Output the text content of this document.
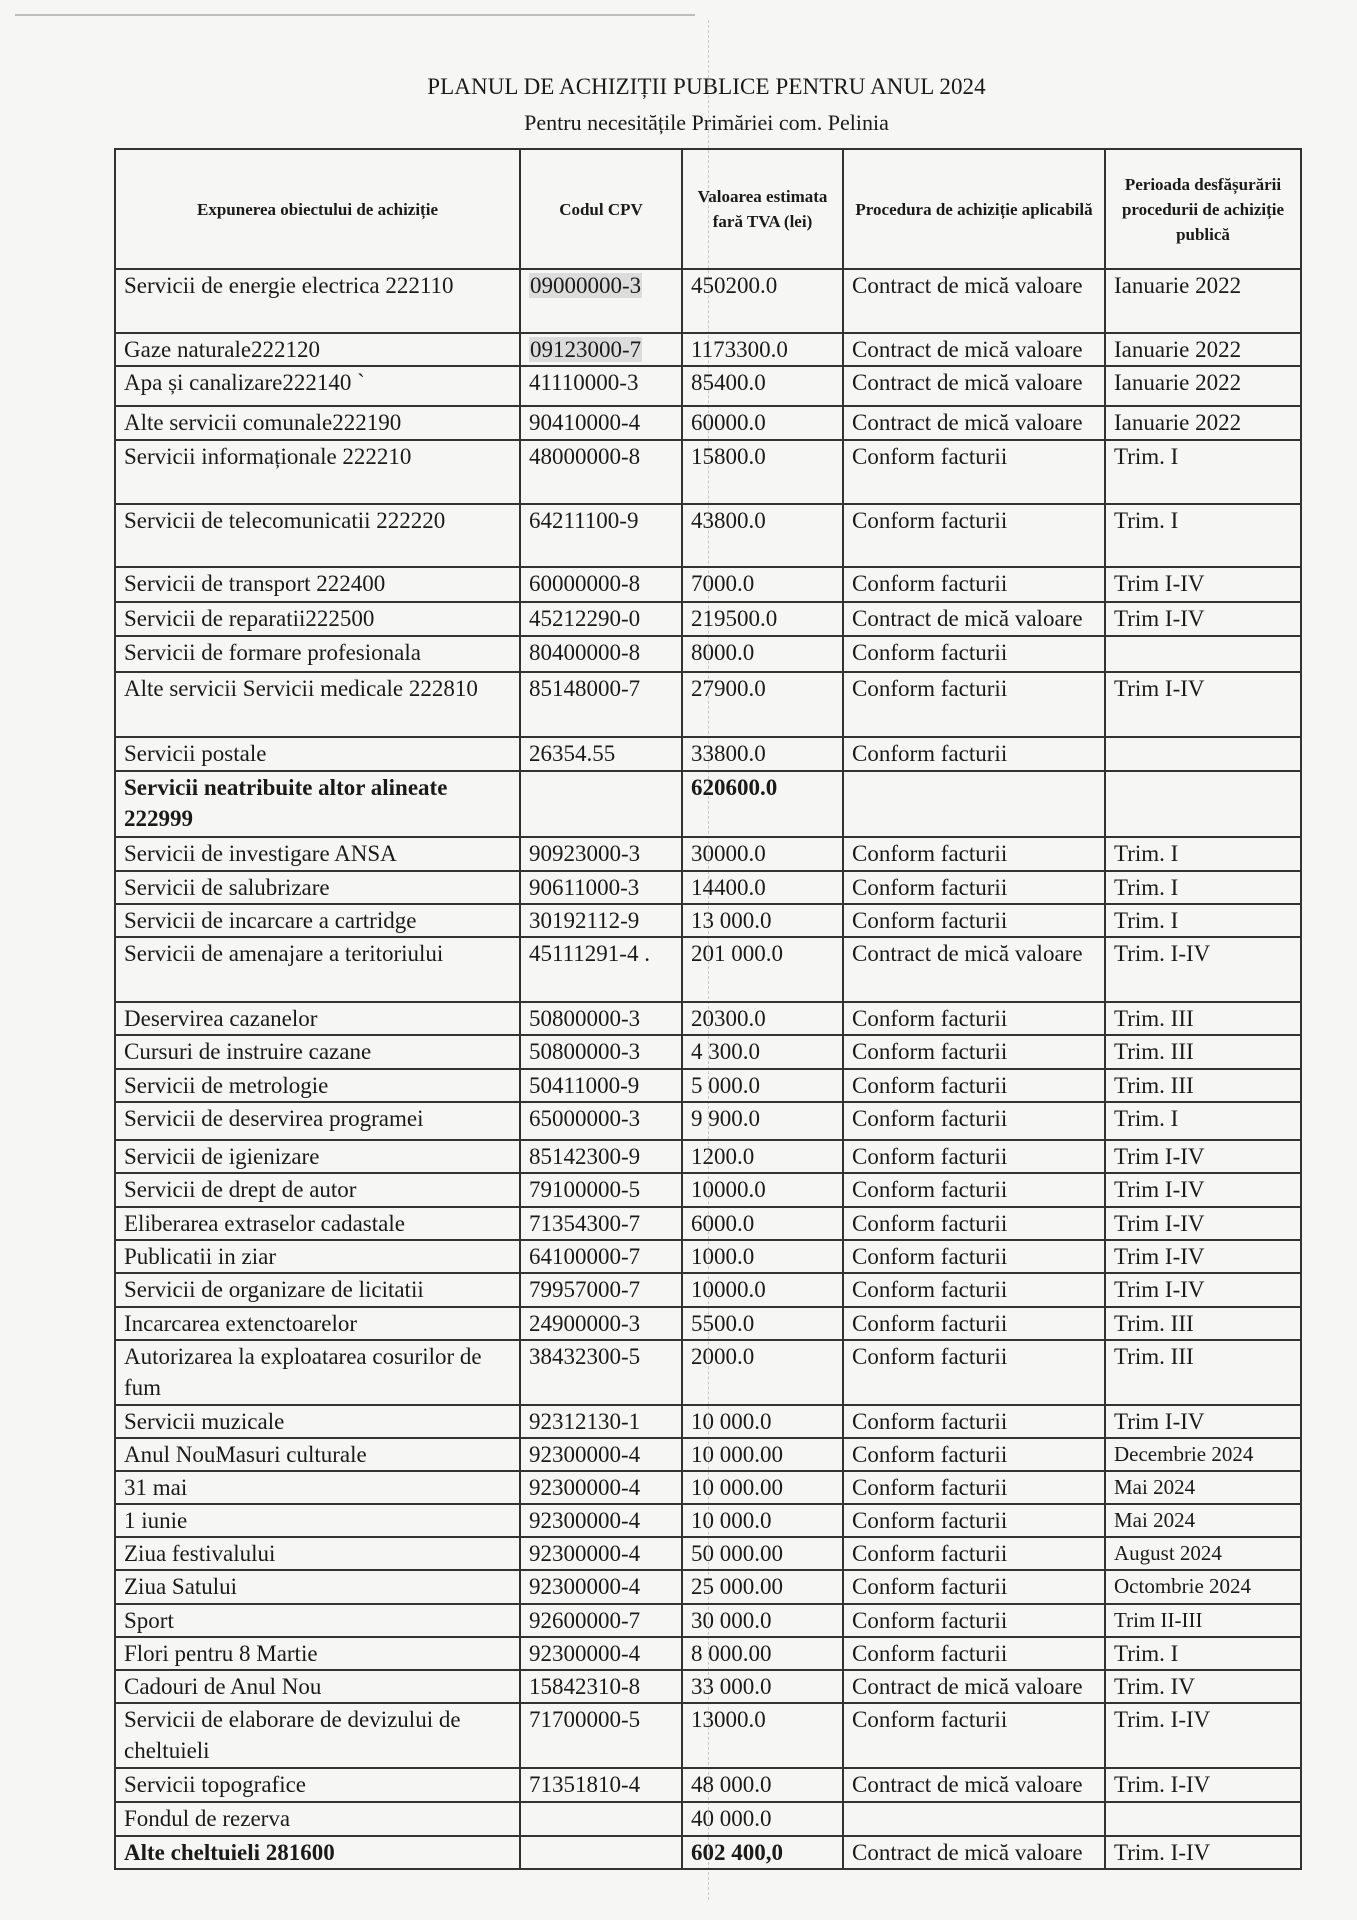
PLANUL DE ACHIZIȚII PUBLICE PENTRU ANUL 2024
Pentru necesitățile Primăriei com. Pelinia
Expunerea obiectului de achiziție	Codul CPV	Valoarea estimata fară TVA (lei)	Procedura de achiziție aplicabilă	Perioada desfășurării procedurii de achiziție publică
Servicii de energie electrica 222110	09000000-3	450200.0	Contract de mică valoare	Ianuarie 2022
Gaze naturale222120	09123000-7	1173300.0	Contract de mică valoare	Ianuarie 2022
Apa și canalizare222140 `	41110000-3	85400.0	Contract de mică valoare	Ianuarie 2022
Alte servicii comunale222190	90410000-4	60000.0	Contract de mică valoare	Ianuarie 2022
Servicii informaționale 222210	48000000-8	15800.0	Conform facturii	Trim. I
Servicii de telecomunicatii 222220	64211100-9	43800.0	Conform facturii	Trim. I
Servicii de transport 222400	60000000-8	7000.0	Conform facturii	Trim I-IV
Servicii de reparatii222500	45212290-0	219500.0	Contract de mică valoare	Trim I-IV
Servicii de formare profesionala	80400000-8	8000.0	Conform facturii	
Alte servicii Servicii medicale 222810	85148000-7	27900.0	Conform facturii	Trim I-IV
Servicii postale	26354.55	33800.0	Conform facturii	
Servicii neatribuite altor alineate 222999		620600.0		
Servicii de investigare ANSA	90923000-3	30000.0	Conform facturii	Trim. I
Servicii de salubrizare	90611000-3	14400.0	Conform facturii	Trim. I
Servicii de incarcare a cartridge	30192112-9	13 000.0	Conform facturii	Trim. I
Servicii de amenajare a teritoriului	45111291-4 .	201 000.0	Contract de mică valoare	Trim. I-IV
Deservirea cazanelor	50800000-3	20300.0	Conform facturii	Trim. III
Cursuri de instruire cazane	50800000-3	4 300.0	Conform facturii	Trim. III
Servicii de metrologie	50411000-9	5 000.0	Conform facturii	Trim. III
Servicii de deservirea programei	65000000-3	9 900.0	Conform facturii	Trim. I
Servicii de igienizare	85142300-9	1200.0	Conform facturii	Trim I-IV
Servicii de drept de autor	79100000-5	10000.0	Conform facturii	Trim I-IV
Eliberarea extraselor cadastale	71354300-7	6000.0	Conform facturii	Trim I-IV
Publicatii in ziar	64100000-7	1000.0	Conform facturii	Trim I-IV
Servicii de organizare de licitatii	79957000-7	10000.0	Conform facturii	Trim I-IV
Incarcarea extenctoarelor	24900000-3	5500.0	Conform facturii	Trim. III
Autorizarea la exploatarea cosurilor de fum	38432300-5	2000.0	Conform facturii	Trim. III
Servicii muzicale	92312130-1	10 000.0	Conform facturii	Trim I-IV
Anul NouMasuri culturale	92300000-4	10 000.00	Conform facturii	Decembrie 2024
31 mai	92300000-4	10 000.00	Conform facturii	Mai 2024
1 iunie	92300000-4	10 000.0	Conform facturii	Mai 2024
Ziua festivalului	92300000-4	50 000.00	Conform facturii	August 2024
Ziua Satului	92300000-4	25 000.00	Conform facturii	Octombrie 2024
Sport	92600000-7	30 000.0	Conform facturii	Trim II-III
Flori pentru 8 Martie	92300000-4	8 000.00	Conform facturii	Trim. I
Cadouri de Anul Nou	15842310-8	33 000.0	Contract de mică valoare	Trim. IV
Servicii de elaborare de devizului de cheltuieli	71700000-5	13000.0	Conform facturii	Trim. I-IV
Servicii topografice	71351810-4	48 000.0	Contract de mică valoare	Trim. I-IV
Fondul de rezerva		40 000.0		
Alte cheltuieli 281600		602 400,0	Contract de mică valoare	Trim. I-IV
